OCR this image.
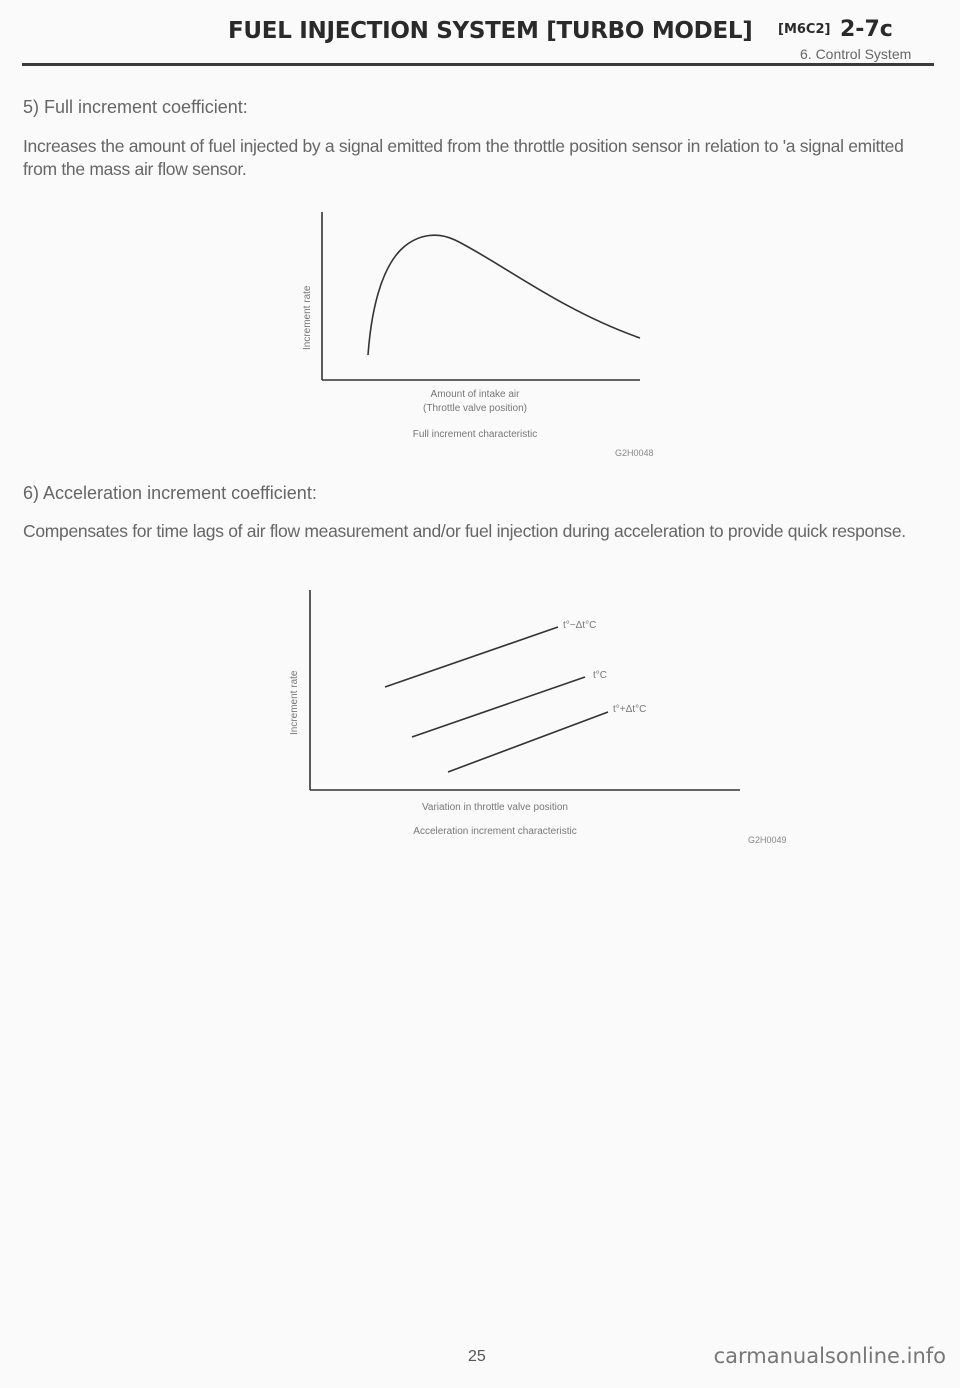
FUEL INJECTION SYSTEM [TURBO MODEL] [M6C2] 2-7c
6. Control System
5) Full increment coefficient:
Increases the amount of fuel injected by a signal emitted from the throttle position sensor in relation to 'a signal emitted from the mass air flow sensor.
Increment rate
Amount of intake air
(Throttle valve position)
Full increment characteristic
G2H0048
6) Acceleration increment coefficient:
Compensates for time lags of air flow measurement and/or fuel injection during acceleration to provide quick response.
Increment rate
t°−Δt°C
t°C
t°+Δt°C
Variation in throttle valve position
Acceleration increment characteristic
G2H0049
25	carmanualsonline.info
